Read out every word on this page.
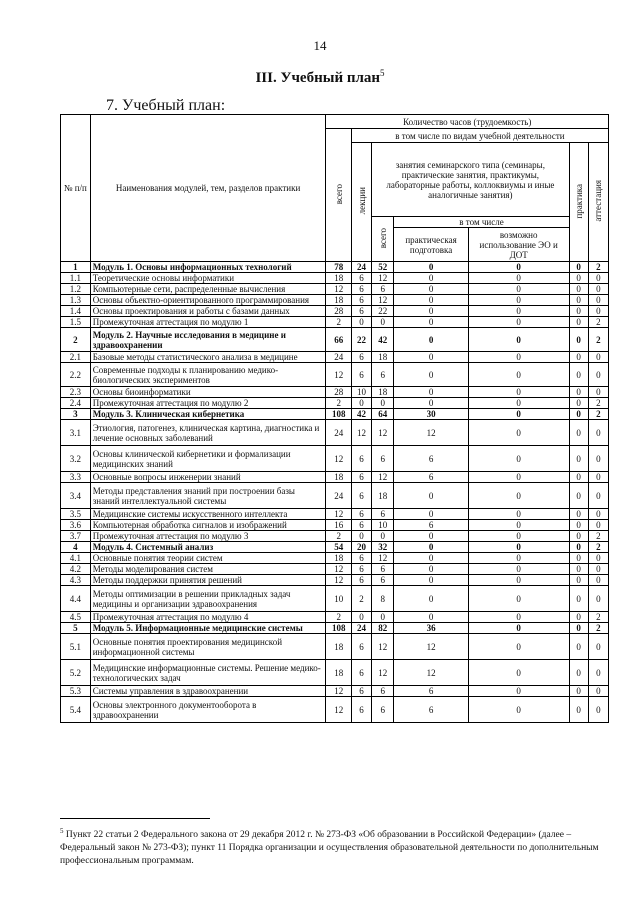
14
III. Учебный план$^5$
7. Учебный план:
№ п/п	Наименования модулей, тем, разделов практики	Количество часов (трудоемкость)						
		всего	в том числе по видам учебной деятельности					
			лекции	занятия семинарского типа (семинары, практические занятия, практикумы, лабораторные работы, коллоквиумы и иные аналогичные занятия)			практика	аттестация
				всего	в том числе			
					практическая подготовка	возможно использование ЭО и ДОТ		
1	Модуль 1. Основы информационных технологий	78	24	52	0	0	0	2
1.1	Теоретические основы информатики	18	6	12	0	0	0	0
1.2	Компьютерные сети, распределенные вычисления	12	6	6	0	0	0	0
1.3	Основы объектно-ориентированного программирования	18	6	12	0	0	0	0
1.4	Основы проектирования и работы с базами данных	28	6	22	0	0	0	0
1.5	Промежуточная аттестация по модулю 1	2	0	0	0	0	0	2
2	Модуль 2. Научные исследования в медицине и здравоохранении	66	22	42	0	0	0	2
2.1	Базовые методы статистического анализа в медицине	24	6	18	0	0	0	0
2.2	Современные подходы к планированию медико-биологических экспериментов	12	6	6	0	0	0	0
2.3	Основы биоинформатики	28	10	18	0	0	0	0
2.4	Промежуточная аттестация по модулю 2	2	0	0	0	0	0	2
3	Модуль 3. Клиническая кибернетика	108	42	64	30	0	0	2
3.1	Этиология, патогенез, клиническая картина, диагностика и лечение основных заболеваний	24	12	12	12	0	0	0
3.2	Основы клинической кибернетики и формализации медицинских знаний	12	6	6	6	0	0	0
3.3	Основные вопросы инженерии знаний	18	6	12	6	0	0	0
3.4	Методы представления знаний при построении базы знаний интеллектуальной системы	24	6	18	0	0	0	0
3.5	Медицинские системы искусственного интеллекта	12	6	6	0	0	0	0
3.6	Компьютерная обработка сигналов и изображений	16	6	10	6	0	0	0
3.7	Промежуточная аттестация по модулю 3	2	0	0	0	0	0	2
4	Модуль 4. Системный анализ	54	20	32	0	0	0	2
4.1	Основные понятия теории систем	18	6	12	0	0	0	0
4.2	Методы моделирования систем	12	6	6	0	0	0	0
4.3	Методы поддержки принятия решений	12	6	6	0	0	0	0
4.4	Методы оптимизации в решении прикладных задач медицины и организации здравоохранения	10	2	8	0	0	0	0
4.5	Промежуточная аттестация по модулю 4	2	0	0	0	0	0	2
5	Модуль 5. Информационные медицинские системы	108	24	82	36	0	0	2
5.1	Основные понятия проектирования медицинской информационной системы	18	6	12	12	0	0	0
5.2	Медицинские информационные системы. Решение медико-технологических задач	18	6	12	12	0	0	0
5.3	Системы управления в здравоохранении	12	6	6	6	0	0	0
5.4	Основы электронного документооборота в здравоохранении	12	6	6	6	0	0	0
$^5$ Пункт 22 статьи 2 Федерального закона от 29 декабря 2012 г. № 273-ФЗ «Об образовании в Российской Федерации» (далее – Федеральный закон № 273-ФЗ); пункт 11 Порядка организации и осуществления образовательной деятельности по дополнительным профессиональным программам.
